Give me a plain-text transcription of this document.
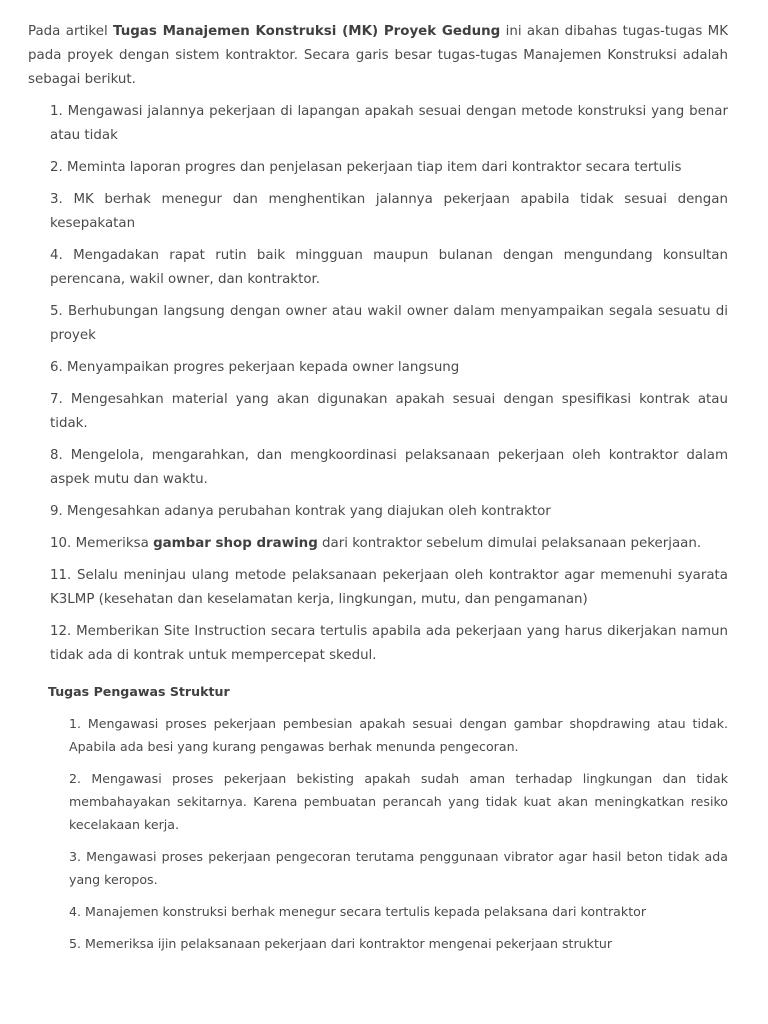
Pada artikel Tugas Manajemen Konstruksi (MK) Proyek Gedung ini akan dibahas tugas-tugas MK pada proyek dengan sistem kontraktor. Secara garis besar tugas-tugas Manajemen Konstruksi adalah sebagai berikut.

1. Mengawasi jalannya pekerjaan di lapangan apakah sesuai dengan metode konstruksi yang benar atau tidak
2. Meminta laporan progres dan penjelasan pekerjaan tiap item dari kontraktor secara tertulis
3. MK berhak menegur dan menghentikan jalannya pekerjaan apabila tidak sesuai dengan kesepakatan
4. Mengadakan rapat rutin baik mingguan maupun bulanan dengan mengundang konsultan perencana, wakil owner, dan kontraktor.
5. Berhubungan langsung dengan owner atau wakil owner dalam menyampaikan segala sesuatu di proyek
6. Menyampaikan progres pekerjaan kepada owner langsung
7. Mengesahkan material yang akan digunakan apakah sesuai dengan spesifikasi kontrak atau tidak.
8. Mengelola, mengarahkan, dan mengkoordinasi pelaksanaan pekerjaan oleh kontraktor dalam aspek mutu dan waktu.
9. Mengesahkan adanya perubahan kontrak yang diajukan oleh kontraktor
10. Memeriksa gambar shop drawing dari kontraktor sebelum dimulai pelaksanaan pekerjaan.
11. Selalu meninjau ulang metode pelaksanaan pekerjaan oleh kontraktor agar memenuhi syarata K3LMP (kesehatan dan keselamatan kerja, lingkungan, mutu, dan pengamanan)
12. Memberikan Site Instruction secara tertulis apabila ada pekerjaan yang harus dikerjakan namun tidak ada di kontrak untuk mempercepat skedul.
Tugas Pengawas Struktur
1. Mengawasi proses pekerjaan pembesian apakah sesuai dengan gambar shopdrawing atau tidak. Apabila ada besi yang kurang pengawas berhak menunda pengecoran.
2. Mengawasi proses pekerjaan bekisting apakah sudah aman terhadap lingkungan dan tidak membahayakan sekitarnya. Karena pembuatan perancah yang tidak kuat akan meningkatkan resiko kecelakaan kerja.
3. Mengawasi proses pekerjaan pengecoran terutama penggunaan vibrator agar hasil beton tidak ada yang keropos.
4. Manajemen konstruksi berhak menegur secara tertulis kepada pelaksana dari kontraktor
5. Memeriksa ijin pelaksanaan pekerjaan dari kontraktor mengenai pekerjaan struktur
